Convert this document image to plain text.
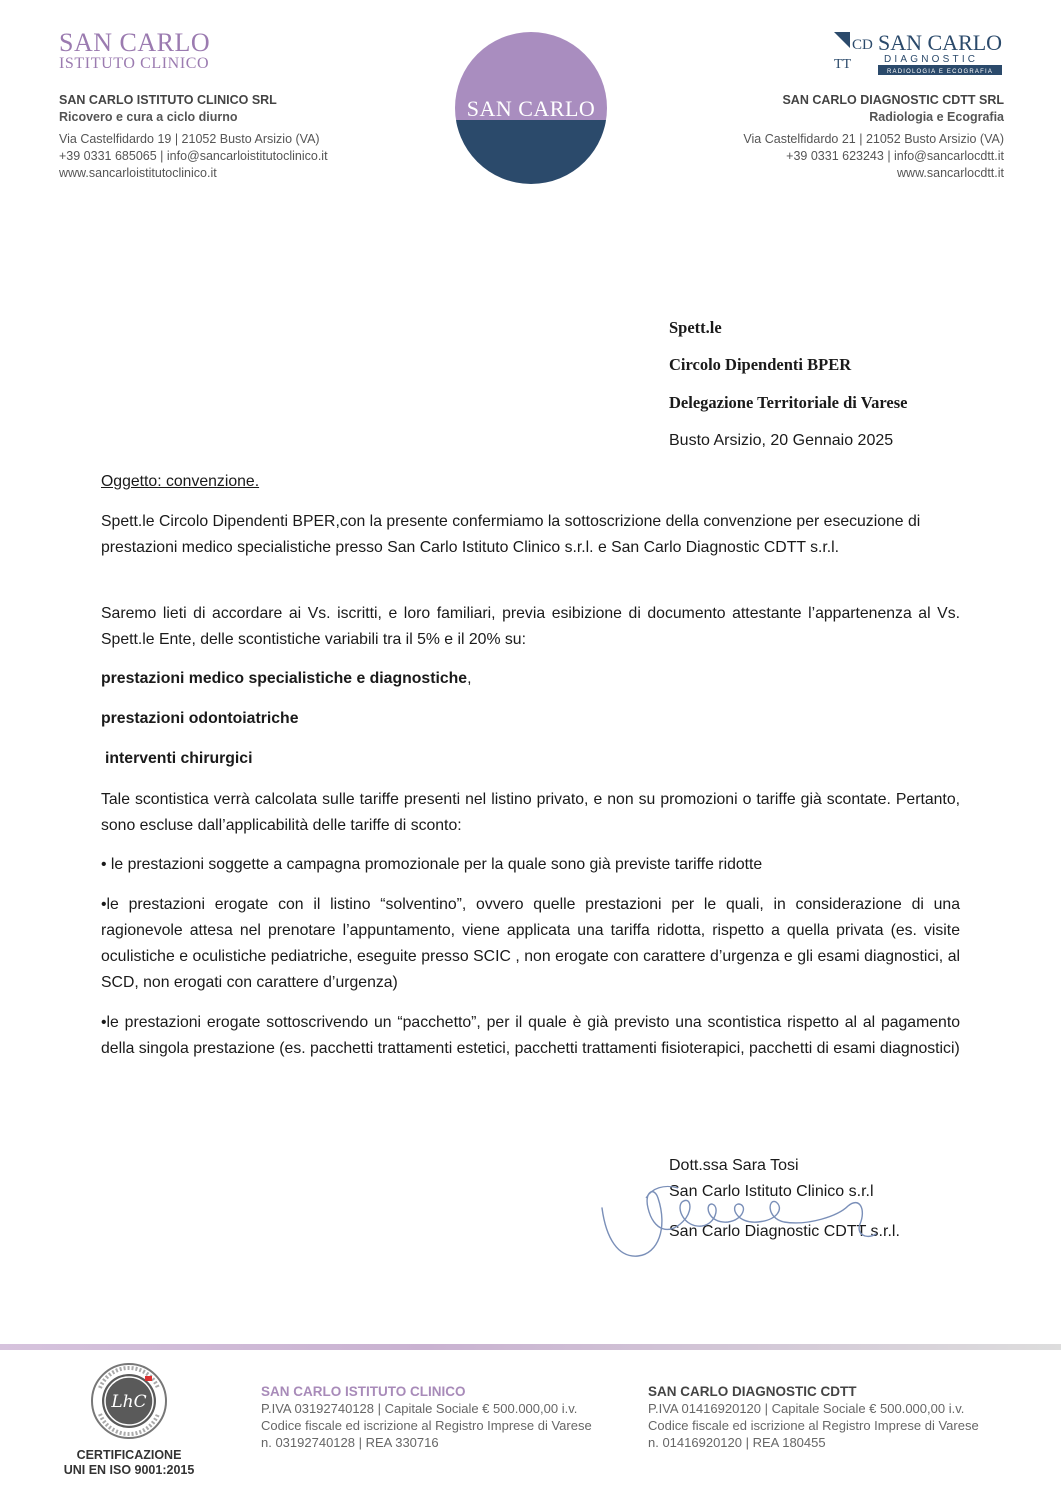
SAN CARLO
ISTITUTO CLINICO
SAN CARLO ISTITUTO CLINICO SRL
Ricovero e cura a ciclo diurno
Via Castelfidardo 19 | 21052 Busto Arsizio (VA)
+39 0331 685065 | info@sancarloistitutoclinico.it
www.sancarloistitutoclinico.it
SAN CARLO
CD
TT
SAN CARLO
DIAGNOSTIC
RADIOLOGIA E ECOGRAFIA
SAN CARLO DIAGNOSTIC CDTT SRL
Radiologia e Ecografia
Via Castelfidardo 21 | 21052 Busto Arsizio (VA)
+39 0331 623243 | info@sancarlocdtt.it
www.sancarlocdtt.it
Spett.le
Circolo Dipendenti BPER
Delegazione Territoriale di Varese
Busto Arsizio, 20 Gennaio 2025
Oggetto: convenzione.
Spett.le Circolo Dipendenti BPER,con la presente confermiamo la sottoscrizione della convenzione per esecuzione di prestazioni medico specialistiche presso San Carlo Istituto Clinico s.r.l. e San Carlo Diagnostic CDTT s.r.l.
Saremo lieti di accordare ai Vs. iscritti, e loro familiari, previa esibizione di documento attestante l’appartenenza al Vs. Spett.le Ente, delle scontistiche variabili tra il 5% e il 20% su:
prestazioni medico specialistiche e diagnostiche,
prestazioni odontoiatriche
interventi chirurgici
Tale scontistica verrà calcolata sulle tariffe presenti nel listino privato, e non su promozioni o tariffe già scontate. Pertanto, sono escluse dall’applicabilità delle tariffe di sconto:
• le prestazioni soggette a campagna promozionale per la quale sono già previste tariffe ridotte
•le prestazioni erogate con il listino “solventino”, ovvero quelle prestazioni per le quali, in considerazione di una ragionevole attesa nel prenotare l’appuntamento, viene applicata una tariffa ridotta, rispetto a quella privata (es. visite oculistiche e oculistiche pediatriche, eseguite presso SCIC , non erogate con carattere d’urgenza e gli esami diagnostici, al SCD, non erogati con carattere d’urgenza)
•le prestazioni erogate sottoscrivendo un “pacchetto”, per il quale è già previsto una scontistica rispetto al al pagamento della singola prestazione (es. pacchetti trattamenti estetici, pacchetti trattamenti fisioterapici, pacchetti di esami diagnostici)
Dott.ssa Sara Tosi
San Carlo Istituto Clinico s.r.l
San Carlo Diagnostic CDTT s.r.l.
LhC
CERTIFICAZIONE
UNI EN ISO 9001:2015
SAN CARLO ISTITUTO CLINICO
P.IVA 03192740128 | Capitale Sociale € 500.000,00 i.v.
Codice fiscale ed iscrizione al Registro Imprese di Varese
n. 03192740128 | REA 330716
SAN CARLO DIAGNOSTIC CDTT
P.IVA 01416920120 | Capitale Sociale € 500.000,00 i.v.
Codice fiscale ed iscrizione al Registro Imprese di Varese
n. 01416920120 | REA 180455
